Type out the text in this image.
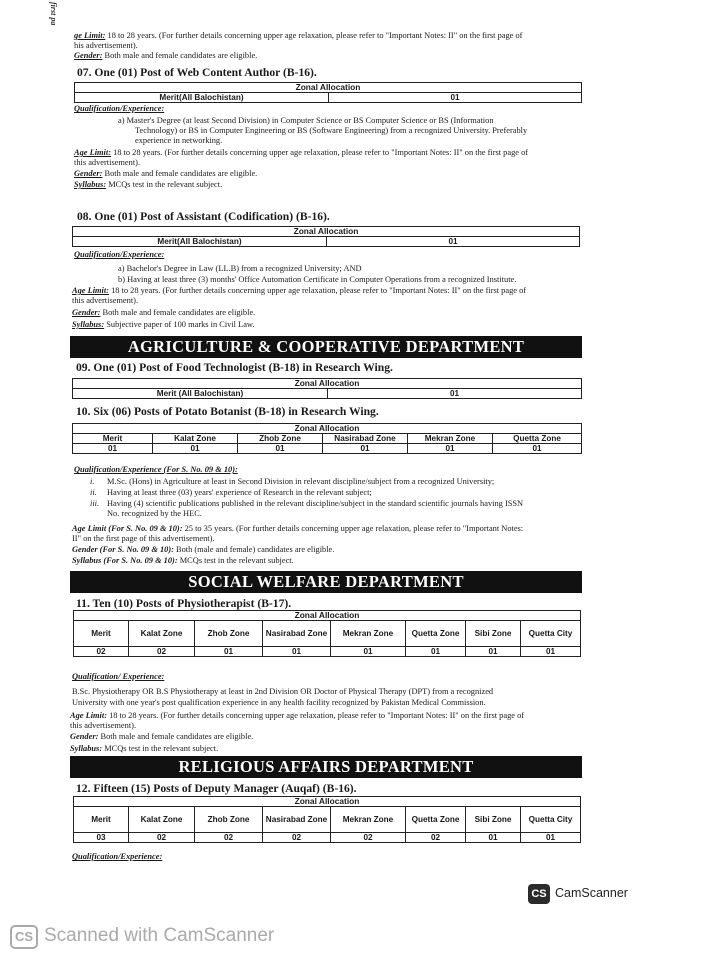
first pa
ge Limit: 18 to 28 years. (For further details concerning upper age relaxation, please refer to "Important Notes: II" on the first page of
his advertisement).
Gender: Both male and female candidates are eligible.
07. One (01) Post of Web Content Author (B-16).
Zonal Allocation
Merit(All Balochistan)	01
Qualification/Experience:
a) Master's Degree (at least Second Division) in Computer Science or BS Computer Science or BS (Information
Technology) or BS in Computer Engineering or BS (Software Engineering) from a recognized University. Preferably
experience in networking.
Age Limit: 18 to 28 years. (For further details concerning upper age relaxation, please refer to "Important Notes: II" on the first page of
this advertisement).
Gender: Both male and female candidates are eligible.
Syllabus: MCQs test in the relevant subject.
08. One (01) Post of Assistant (Codification) (B-16).
Zonal Allocation
Merit(All Balochistan)	01
Qualification/Experience:
a) Bachelor's Degree in Law (LL.B) from a recognized University; AND
b) Having at least three (3) months' Office Automation Certificate in Computer Operations from a recognized Institute.
Age Limit: 18 to 28 years. (For further details concerning upper age relaxation, please refer to "Important Notes: II" on the first page of
this advertisement).
Gender: Both male and female candidates are eligible.
Syllabus: Subjective paper of 100 marks in Civil Law.
AGRICULTURE & COOPERATIVE DEPARTMENT
09. One (01) Post of Food Technologist (B-18) in Research Wing.
Zonal Allocation
Merit (All Balochistan)	01
10. Six (06) Posts of Potato Botanist (B-18) in Research Wing.
Zonal Allocation					
Merit	Kalat Zone	Zhob Zone	Nasirabad Zone	Mekran Zone	Quetta Zone
01	01	01	01	01	01
Qualification/Experience (For S. No. 09 & 10):
i. M.Sc. (Hons) in Agriculture at least in Second Division in relevant discipline/subject from a recognized University;
ii. Having at least three (03) years' experience of Research in the relevant subject;
iii. Having (4) scientific publications published in the relevant discipline/subject in the standard scientific journals having ISSN
No. recognized by the HEC.
Age Limit (For S. No. 09 & 10): 25 to 35 years. (For further details concerning upper age relaxation, please refer to "Important Notes:
II" on the first page of this advertisement).
Gender (For S. No. 09 & 10): Both (male and female) candidates are eligible.
Syllabus (For S. No. 09 & 10): MCQs test in the relevant subject.
SOCIAL WELFARE DEPARTMENT
11. Ten (10) Posts of Physiotherapist (B-17).
Zonal Allocation							
Merit	Kalat Zone	Zhob Zone	Nasirabad Zone	Mekran Zone	Quetta Zone	Sibi Zone	Quetta City
02	02	01	01	01	01	01	01
Qualification/ Experience:
B.Sc. Physiotherapy OR B.S Physiotherapy at least in 2nd Division OR Doctor of Physical Therapy (DPT) from a recognized
University with one year's post qualification experience in any health facility recognized by Pakistan Medical Commission.
Age Limit: 18 to 28 years. (For further details concerning upper age relaxation, please refer to "Important Notes: II" on the first page of
this advertisement).
Gender: Both male and female candidates are eligible.
Syllabus: MCQs test in the relevant subject.
RELIGIOUS AFFAIRS DEPARTMENT
12. Fifteen (15) Posts of Deputy Manager (Auqaf) (B-16).
Zonal Allocation							
Merit	Kalat Zone	Zhob Zone	Nasirabad Zone	Mekran Zone	Quetta Zone	Sibi Zone	Quetta City
03	02	02	02	02	02	01	01
Qualification/Experience:
CS CamScanner
CS Scanned with CamScanner
